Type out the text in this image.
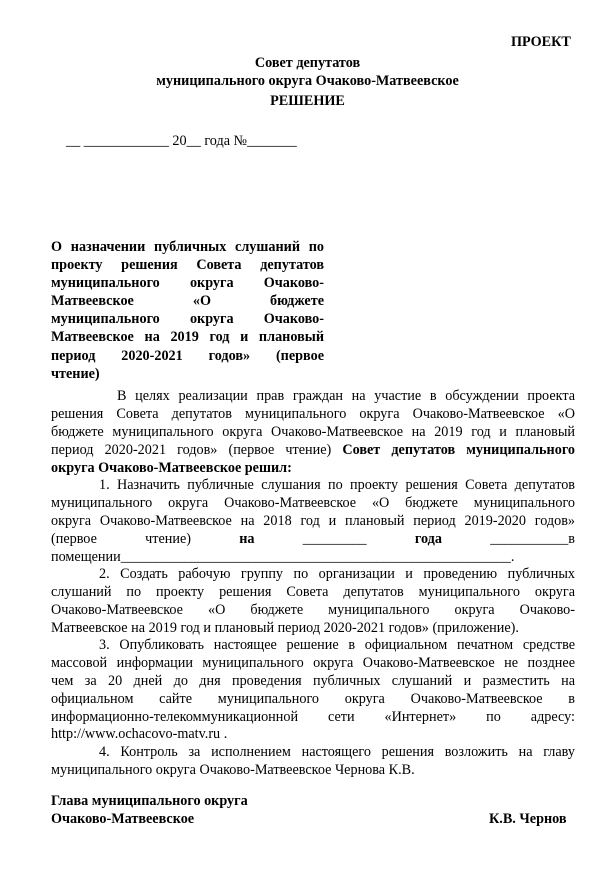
ПРОЕКТ
Совет депутатов
муниципального округа Очаково-Матвеевское
РЕШЕНИЕ
__ ____________ 20__ года №_______
О назначении публичных слушаний по
проекту решения Совета депутатов
муниципального округа Очаково-
Матвеевское «О бюджете
муниципального округа Очаково-
Матвеевское на 2019 год и плановый
период 2020-2021 годов» (первое
чтение)
В целях реализации прав граждан на участие в обсуждении проекта
решения Совета депутатов муниципального округа Очаково-Матвеевское «О
бюджете муниципального округа Очаково-Матвеевское на 2019 год и плановый
период 2020-2021 годов» (первое чтение) Совет депутатов муниципального
округа Очаково-Матвеевское решил:
1. Назначить публичные слушания по проекту решения Совета депутатов
муниципального округа Очаково-Матвеевское «О бюджете муниципального
округа Очаково-Матвеевское на 2018 год и плановый период 2019-2020 годов»
(первое	чтение)	на	_________	года	___________в
помещении_______________________________________________________.
2. Создать рабочую группу по организации и проведению публичных
слушаний по проекту решения Совета депутатов муниципального округа
Очаково-Матвеевское «О бюджете муниципального округа Очаково-
Матвеевское на 2019 год и плановый период 2020-2021 годов» (приложение).
3. Опубликовать настоящее решение в официальном печатном средстве
массовой информации муниципального округа Очаково-Матвеевское не позднее
чем за 20 дней до дня проведения публичных слушаний и разместить на
официальном сайте муниципального округа Очаково-Матвеевское в
информационно-телекоммуникационной сети «Интернет» по адресу:
http://www.ochacovo-matv.ru .
4. Контроль за исполнением настоящего решения возложить на главу
муниципального округа Очаково-Матвеевское Чернова К.В.
Глава муниципального округа
Очаково-Матвеевское	К.В. Чернов
